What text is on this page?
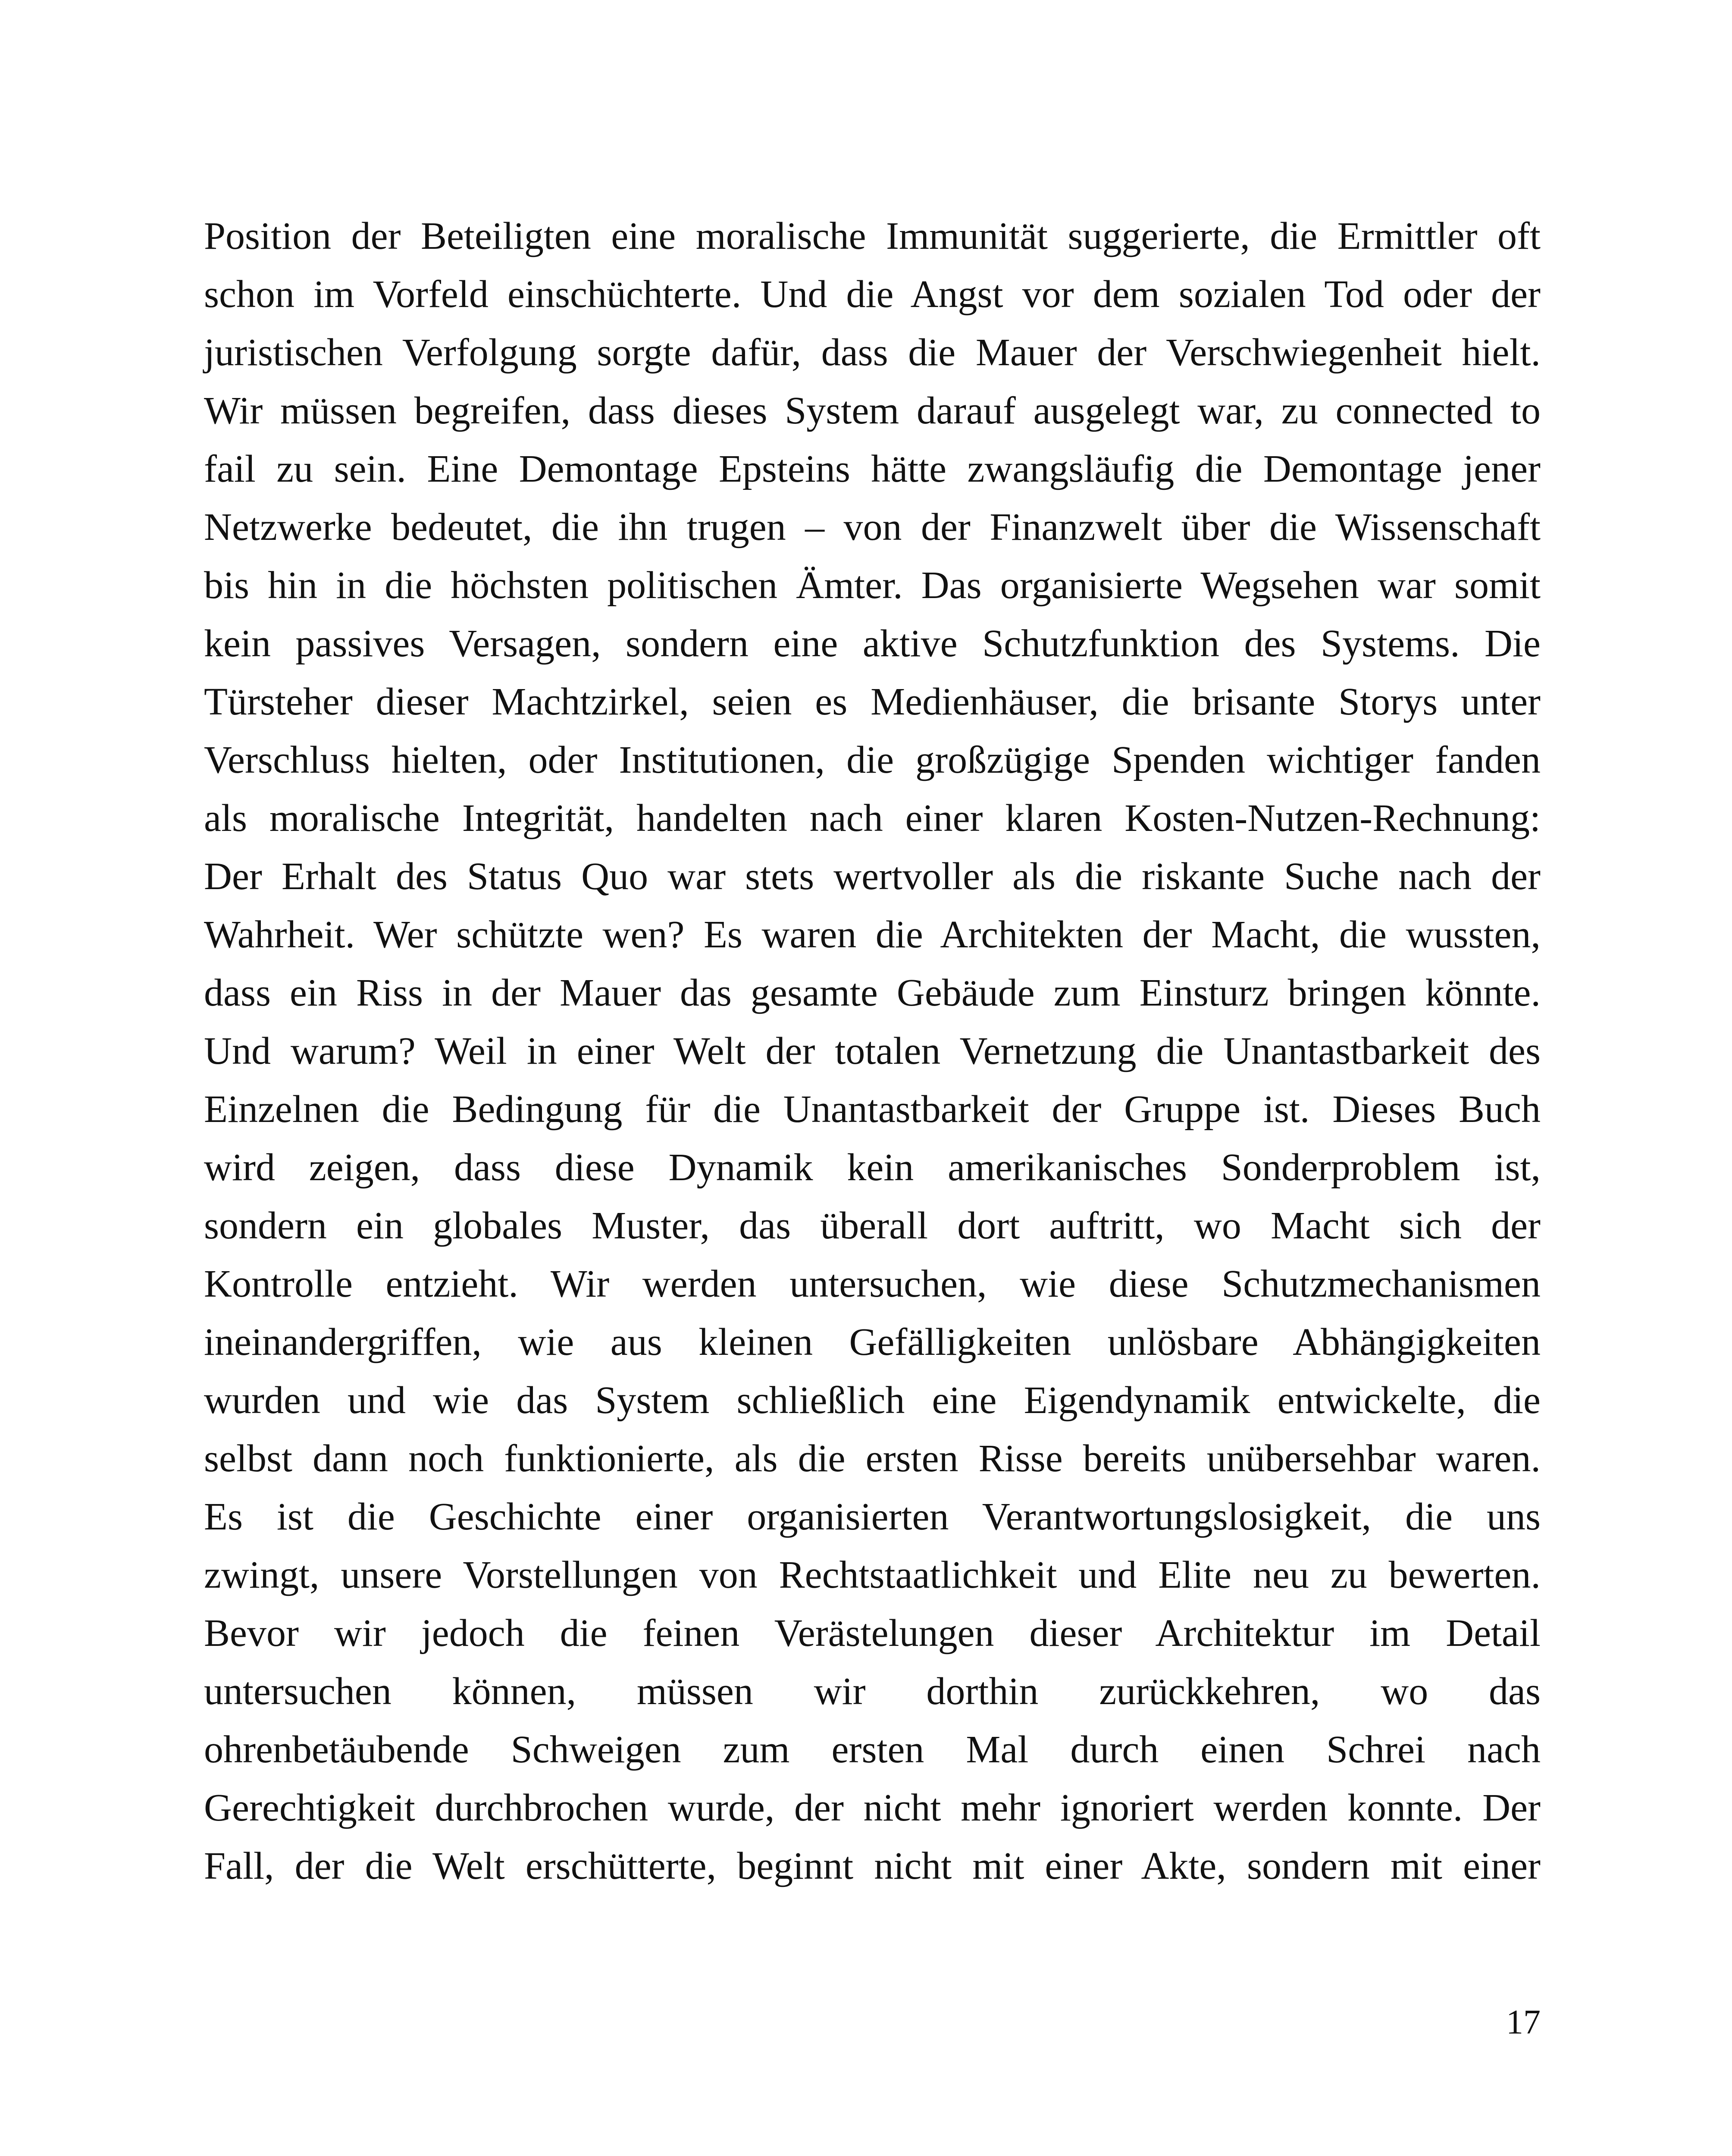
Position der Beteiligten eine moralische Immunität suggerierte, die Ermittler oft
schon im Vorfeld einschüchterte. Und die Angst vor dem sozialen Tod oder der
juristischen Verfolgung sorgte dafür, dass die Mauer der Verschwiegenheit hielt.
Wir müssen begreifen, dass dieses System darauf ausgelegt war, zu connected to
fail zu sein. Eine Demontage Epsteins hätte zwangsläufig die Demontage jener
Netzwerke bedeutet, die ihn trugen – von der Finanzwelt über die Wissenschaft
bis hin in die höchsten politischen Ämter. Das organisierte Wegsehen war somit
kein passives Versagen, sondern eine aktive Schutzfunktion des Systems. Die
Türsteher dieser Machtzirkel, seien es Medienhäuser, die brisante Storys unter
Verschluss hielten, oder Institutionen, die großzügige Spenden wichtiger fanden
als moralische Integrität, handelten nach einer klaren Kosten-Nutzen-Rechnung:
Der Erhalt des Status Quo war stets wertvoller als die riskante Suche nach der
Wahrheit. Wer schützte wen? Es waren die Architekten der Macht, die wussten,
dass ein Riss in der Mauer das gesamte Gebäude zum Einsturz bringen könnte.
Und warum? Weil in einer Welt der totalen Vernetzung die Unantastbarkeit des
Einzelnen die Bedingung für die Unantastbarkeit der Gruppe ist. Dieses Buch
wird zeigen, dass diese Dynamik kein amerikanisches Sonderproblem ist,
sondern ein globales Muster, das überall dort auftritt, wo Macht sich der
Kontrolle entzieht. Wir werden untersuchen, wie diese Schutzmechanismen
ineinandergriffen, wie aus kleinen Gefälligkeiten unlösbare Abhängigkeiten
wurden und wie das System schließlich eine Eigendynamik entwickelte, die
selbst dann noch funktionierte, als die ersten Risse bereits unübersehbar waren.
Es ist die Geschichte einer organisierten Verantwortungslosigkeit, die uns
zwingt, unsere Vorstellungen von Rechtstaatlichkeit und Elite neu zu bewerten.
Bevor wir jedoch die feinen Verästelungen dieser Architektur im Detail
untersuchen können, müssen wir dorthin zurückkehren, wo das
ohrenbetäubende Schweigen zum ersten Mal durch einen Schrei nach
Gerechtigkeit durchbrochen wurde, der nicht mehr ignoriert werden konnte. Der
Fall, der die Welt erschütterte, beginnt nicht mit einer Akte, sondern mit einer
17
